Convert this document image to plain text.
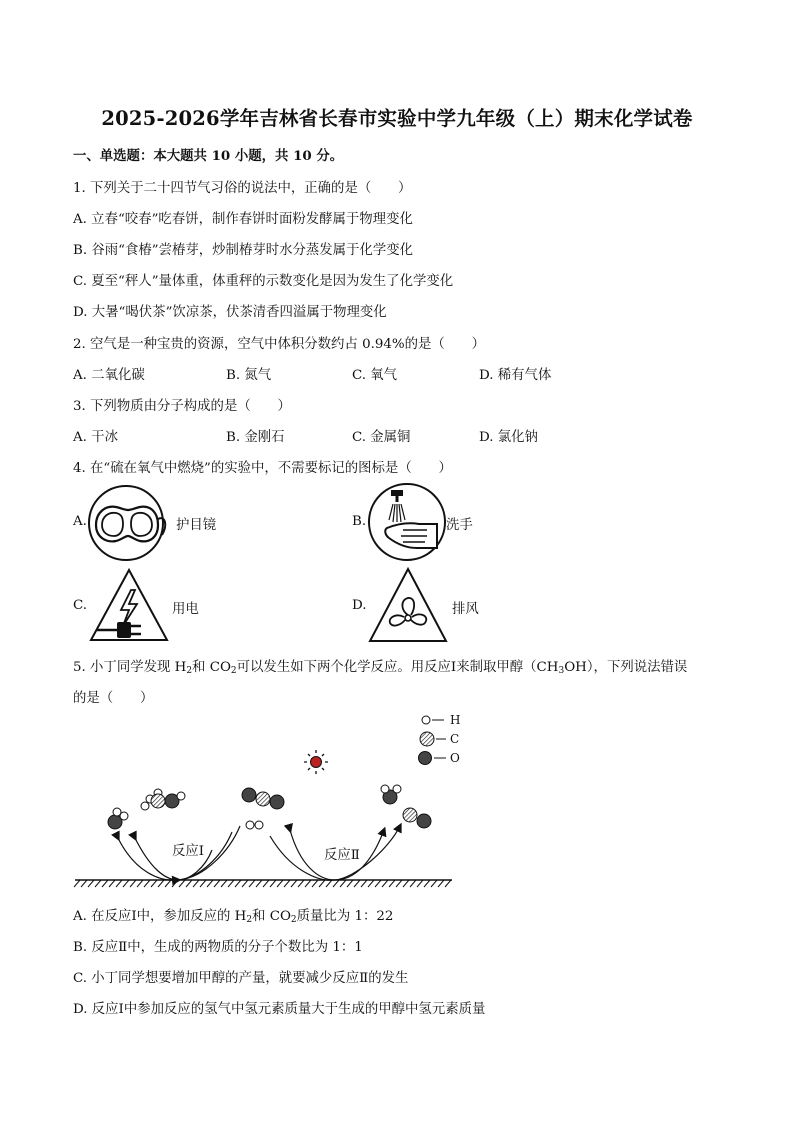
2025-2026学年吉林省长春市实验中学九年级（上）期末化学试卷
一、单选题：本大题共 10 小题，共 10 分。
1. 下列关于二十四节气习俗的说法中，正确的是（　　）
A. 立春“咬春”吃春饼，制作春饼时面粉发酵属于物理变化
B. 谷雨“食椿”尝椿芽，炒制椿芽时水分蒸发属于化学变化
C. 夏至“秤人”量体重，体重秤的示数变化是因为发生了化学变化
D. 大暑“喝伏茶”饮凉茶，伏茶清香四溢属于物理变化
2. 空气是一种宝贵的资源，空气中体积分数约占 0.94%的是（　　）
A. 二氧化碳	B. 氮气	C. 氧气	D. 稀有气体
3. 下列物质由分子构成的是（　　）
A. 干冰	B. 金刚石	C. 金属铜	D. 氯化钠
4. 在“硫在氧气中燃烧”的实验中，不需要标记的图标是（　　）
A.	护目镜	B.	洗手
C.	用电	D.	排风
5. 小丁同学发现 $H_2$和 $CO_2$可以发生如下两个化学反应。用反应Ⅰ来制取甲醇$(CH_3OH)$，下列说法错误
的是（　　）
反应Ⅰ	反应Ⅱ
H
C
O
A. 在反应Ⅰ中，参加反应的 $H_2$和 $CO_2$质量比为 1：22
B. 反应Ⅱ中，生成的两物质的分子个数比为 1：1
C. 小丁同学想要增加甲醇的产量，就要减少反应Ⅱ的发生
D. 反应Ⅰ中参加反应的氢气中氢元素质量大于生成的甲醇中氢元素质量
